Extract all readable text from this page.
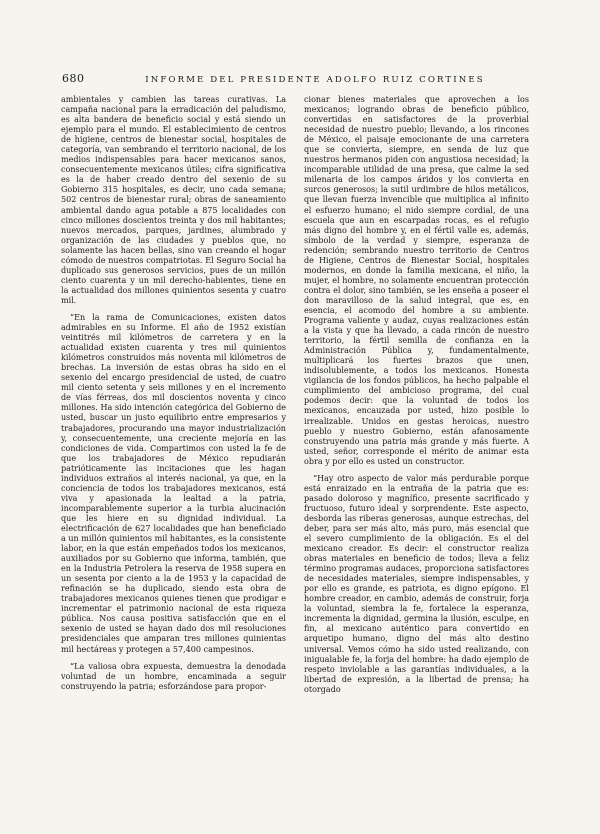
680	INFORME DEL PRESIDENTE ADOLFO RUIZ CORTINES

ambientales y cambien las tareas curativas. La campaña nacional para la erradicación del paludismo, es alta bandera de beneficio social y está siendo un ejemplo para el mundo. El establecimiento de centros de higiene, centros de bienestar social, hospitales de categoría, van sembrando el territorio nacional, de los medios indispensables para hacer mexicanos sanos, consecuentemente mexicanos útiles; cifra significativa es la de haber creado dentro del sexenio de su Gobierno 315 hospitales, es decir, uno cada semana; 502 centros de bienestar rural; obras de saneamiento ambiental dando agua potable a 875 localidades con cinco millones doscientos treinta y dos mil habitantes; nuevos mercados, parques, jardines, alumbrado y organización de las ciudades y pueblos que, no solamente las hacen bellas, sino van creando el hogar cómodo de nuestros compatriotas. El Seguro Social ha duplicado sus generosos servicios, pues de un millón ciento cuarenta y un mil derecho-habientes, tiene en la actualidad dos millones quinientos sesenta y cuatro mil.

“En la rama de Comunicaciones, existen datos admirables en su Informe. El año de 1952 existían veintitrés mil kilómetros de carretera y en la actualidad existen cuarenta y tres mil quinientos kilómetros construidos más noventa mil kilómetros de brechas. La inversión de estas obras ha sido en el sexenio del encargo presidencial de usted, de cuatro mil ciento setenta y seis millones y en el incremento de vías férreas, dos mil doscientos noventa y cinco millones. Ha sido intención categórica del Gobierno de usted, buscar un justo equilibrio entre empresarios y trabajadores, procurando una mayor industrialización y, consecuentemente, una creciente mejoría en las condiciones de vida. Compartimos con usted la fe de que los trabajadores de México repudiarán patrióticamente las incitaciones que les hagan individuos extraños al interés nacional, ya que, en la conciencia de todos los trabajadores mexicanos, está viva y apasionada la lealtad a la patria, incomparablemente superior a la turbia alucinación que les hiere en su dignidad individual. La electrificación de 627 localidades que han beneficiado a un millón quinientos mil habitantes, es la consistente labor, en la que están empeñados todos los mexicanos, auxiliados por su Gobierno que informa, también, que en la Industria Petrolera la reserva de 1958 supera en un sesenta por ciento a la de 1953 y la capacidad de refinación se ha duplicado, siendo esta obra de trabajadores mexicanos quienes tienen que prodigar e incrementar el patrimonio nacional de esta riqueza pública. Nos causa positiva satisfacción que en el sexenio de usted se hayan dado dos mil resoluciones presidenciales que amparan tres millones quinientas mil hectáreas y protegen a 57,400 campesinos.

“La valiosa obra expuesta, demuestra la denodada voluntad de un hombre, encaminada a seguir construyendo la patria; esforzándose para propor-

cionar bienes materiales que aprovechen a los mexicanos; logrando obras de beneficio público, convertidas en satisfactores de la proverbial necesidad de nuestro pueblo; llevando, a los rincones de México, el paisaje emocionante de una carretera que se convierta, siempre, en senda de luz que nuestros hermanos piden con angustiosa necesidad; la incomparable utilidad de una presa, que calme la sed milenaria de los campos áridos y los convierta en surcos generosos; la sutil urdimbre de hilos metálicos, que llevan fuerza invencible que multiplica al infinito el esfuerzo humano; el nido siempre cordial, de una escuela que aun en escarpadas rocas, es el refugio más digno del hombre y, en el fértil valle es, además, símbolo de la verdad y siempre, esperanza de redención; sembrando nuestro territorio de Centros de Higiene, Centros de Bienestar Social, hospitales modernos, en donde la familia mexicana, el niño, la mujer, el hombre, no solamente encuentran protección contra el dolor, sino también, se les enseña a poseer el don maravilloso de la salud integral, que es, en esencia, el acomodo del hombre a su ambiente. Programa valiente y audaz, cuyas realizaciones están a la vista y que ha llevado, a cada rincón de nuestro territorio, la fértil semilla de confianza en la Administración Pública y, fundamentalmente, multiplicará los fuertes brazos que unen, indisolublemente, a todos los mexicanos. Honesta vigilancia de los fondos públicos, ha hecho palpable el cumplimiento del ambicioso programa, del cual podemos decir: que la voluntad de todos los mexicanos, encauzada por usted, hizo posible lo irrealizable. Unidos en gestas heroicas, nuestro pueblo y nuestro Gobierno, están afanosamente construyendo una patria más grande y más fuerte. A usted, señor, corresponde el mérito de animar esta obra y por ello es usted un constructor.

“Hay otro aspecto de valor más perdurable porque está enraizado en la entraña de la patria que es: pasado doloroso y magnífico, presente sacrificado y fructuoso, futuro ideal y sorprendente. Este aspecto, desborda las riberas generosas, aunque estrechas, del deber, para ser más alto, más puro, más esencial que el severo cumplimiento de la obligación. Es el del mexicano creador. Es decir: el constructor realiza obras materiales en beneficio de todos; lleva a feliz término programas audaces, proporciona satisfactores de necesidades materiales, siempre indispensables, y por ello es grande, es patriota, es digno epígono. El hombre creador, en cambio, además de construir, forja la voluntad, siembra la fe, fortalece la esperanza, incrementa la dignidad, germina la ilusión, esculpe, en fin, al mexicano auténtico para convertido en arquetipo humano, digno del más alto destino universal. Vemos cómo ha sido usted realizando, con inigualable fe, la forja del hombre: ha dado ejemplo de respeto inviolable a las garantías individuales, a la libertad de expresión, a la libertad de prensa; ha otorgado
